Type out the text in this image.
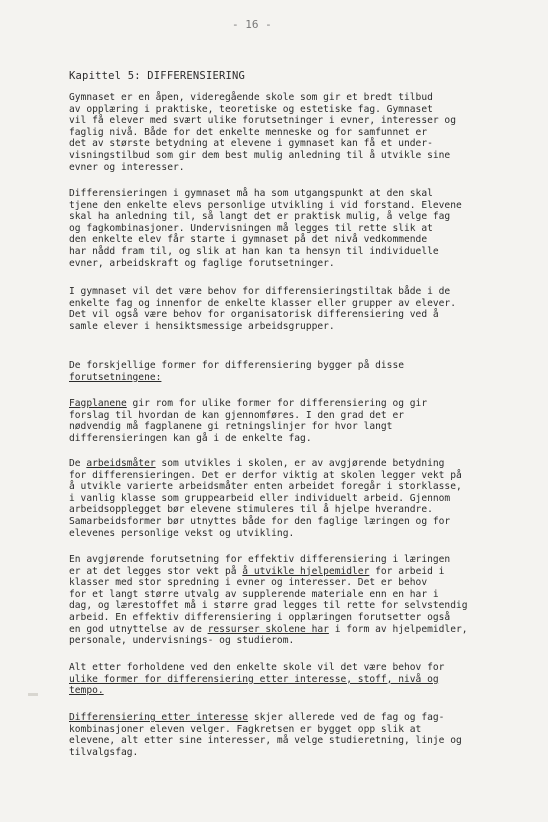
- 16 -
Kapittel 5: DIFFERENSIERING
Gymnaset er en åpen, videregående skole som gir et bredt tilbud
av opplæring i praktiske, teoretiske og estetiske fag. Gymnaset
vil få elever med svært ulike forutsetninger i evner, interesser og
faglig nivå. Både for det enkelte menneske og for samfunnet er
det av største betydning at elevene i gymnaset kan få et under-
visningstilbud som gir dem best mulig anledning til å utvikle sine
evner og interesser.
Differensieringen i gymnaset må ha som utgangspunkt at den skal
tjene den enkelte elevs personlige utvikling i vid forstand. Elevene
skal ha anledning til, så langt det er praktisk mulig, å velge fag
og fagkombinasjoner. Undervisningen må legges til rette slik at
den enkelte elev får starte i gymnaset på det nivå vedkommende
har nådd fram til, og slik at han kan ta hensyn til individuelle
evner, arbeidskraft og faglige forutsetninger.
I gymnaset vil det være behov for differensieringstiltak både i de
enkelte fag og innenfor de enkelte klasser eller grupper av elever.
Det vil også være behov for organisatorisk differensiering ved å
samle elever i hensiktsmessige arbeidsgrupper.
De forskjellige former for differensiering bygger på disse
forutsetningene:
Fagplanene gir rom for ulike former for differensiering og gir
forslag til hvordan de kan gjennomføres. I den grad det er
nødvendig må fagplanene gi retningslinjer for hvor langt
differensieringen kan gå i de enkelte fag.
De arbeidsmåter som utvikles i skolen, er av avgjørende betydning
for differensieringen. Det er derfor viktig at skolen legger vekt på
å utvikle varierte arbeidsmåter enten arbeidet foregår i storklasse,
i vanlig klasse som gruppearbeid eller individuelt arbeid. Gjennom
arbeidsopplegget bør elevene stimuleres til å hjelpe hverandre.
Samarbeidsformer bør utnyttes både for den faglige læringen og for
elevenes personlige vekst og utvikling.
En avgjørende forutsetning for effektiv differensiering i læringen
er at det legges stor vekt på å utvikle hjelpemidler for arbeid i
klasser med stor spredning i evner og interesser. Det er behov
for et langt større utvalg av supplerende materiale enn en har i
dag, og lærestoffet må i større grad legges til rette for selvstendig
arbeid. En effektiv differensiering i opplæringen forutsetter også
en god utnyttelse av de ressurser skolene har i form av hjelpemidler,
personale, undervisnings- og studierom.
Alt etter forholdene ved den enkelte skole vil det være behov for
ulike former for differensiering etter interesse, stoff, nivå og
tempo.
Differensiering etter interesse skjer allerede ved de fag og fag-
kombinasjoner eleven velger. Fagkretsen er bygget opp slik at
elevene, alt etter sine interesser, må velge studieretning, linje og
tilvalgsfag.
